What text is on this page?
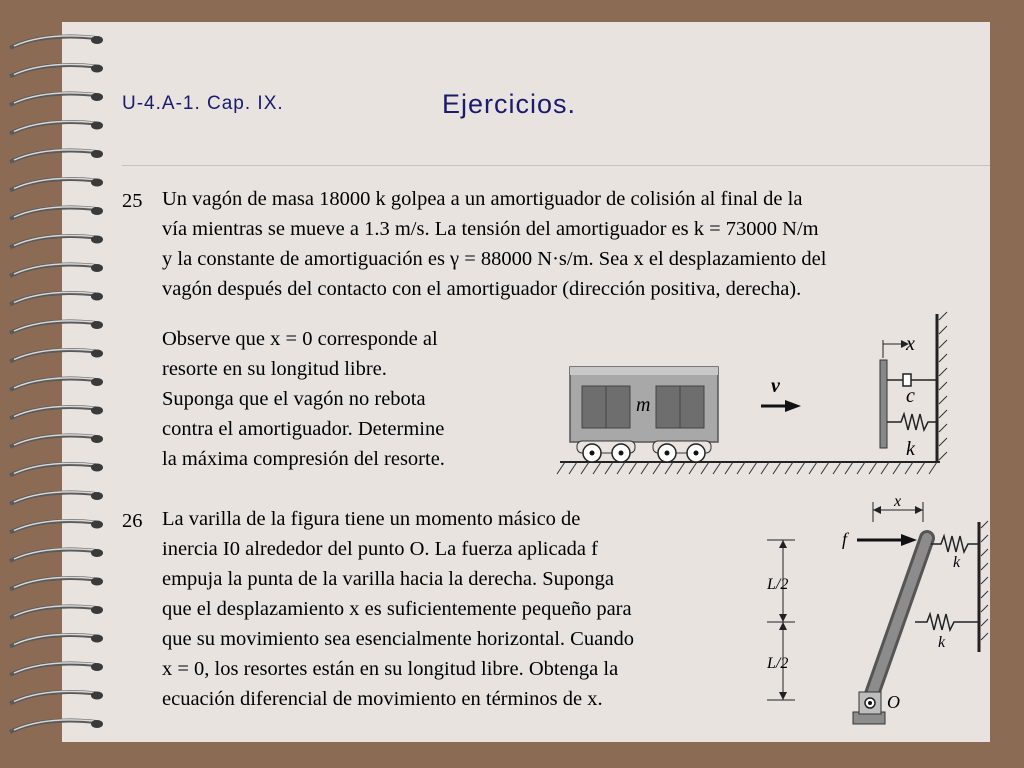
U-4.A-1. Cap. IX.	Ejercicios.
25 Un vagón de masa 18000 k golpea a un amortiguador de colisión al final de la

vía mientras se mueve a 1.3 m/s. La tensión del amortiguador es k = 73000 N/m

y la constante de amortiguación es γ = 88000 N·s/m. Sea x el desplazamiento del

vagón después del contacto con el amortiguador (dirección positiva, derecha).

Observe que x = 0 corresponde al

resorte en su longitud libre.

Suponga que el vagón no rebota

contra el amortiguador. Determine

la máxima compresión del resorte.

m
v
x
c
k
26 La varilla de la figura tiene un momento másico de

inercia I0 alrededor del punto O. La fuerza aplicada f

empuja la punta de la varilla hacia la derecha. Suponga

que el desplazamiento x es suficientemente pequeño para

que su movimiento sea esencialmente horizontal. Cuando

x = 0, los resortes están en su longitud libre. Obtenga la

ecuación diferencial de movimiento en términos de x.

x
f
k
k
L/2
L/2
O
